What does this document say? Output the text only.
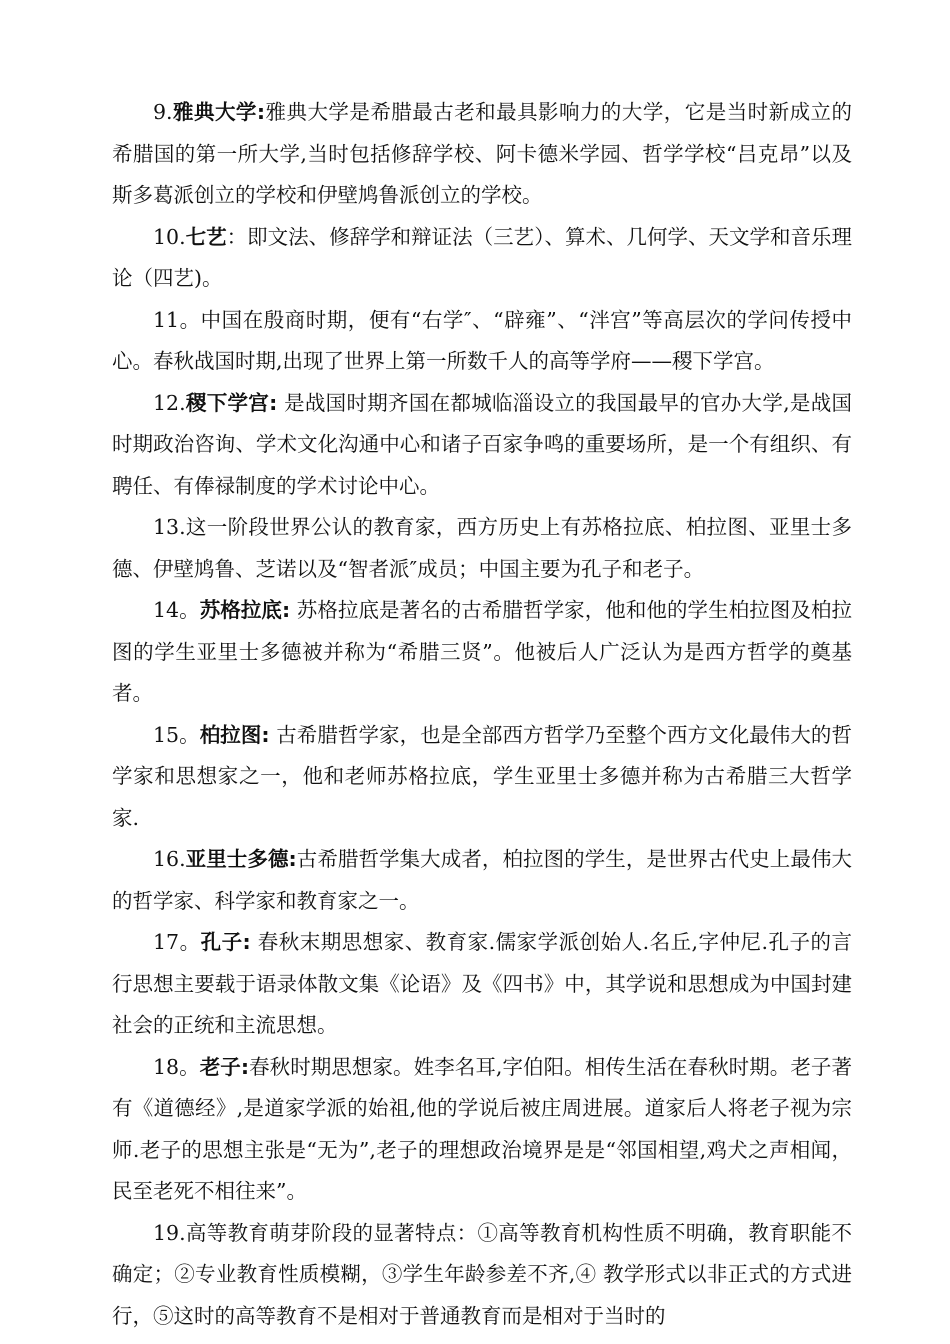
9.雅典大学:雅典大学是希腊最古老和最具影响力的大学，它是当时新成立的希腊国的第一所大学,当时包括修辞学校、阿卡德米学园、哲学学校“吕克昂”以及斯多葛派创立的学校和伊壁鸠鲁派创立的学校。

10.七艺：即文法、修辞学和辩证法（三艺）、算术、几何学、天文学和音乐理论（四艺)。

11。中国在殷商时期，便有“右学″、“辟雍”、“泮宫”等高层次的学问传授中心。春秋战国时期,出现了世界上第一所数千人的高等学府——稷下学宫。

12.稷下学宫: 是战国时期齐国在都城临淄设立的我国最早的官办大学,是战国时期政治咨询、学术文化沟通中心和诸子百家争鸣的重要场所，是一个有组织、有聘任、有俸禄制度的学术讨论中心。

13.这一阶段世界公认的教育家，西方历史上有苏格拉底、柏拉图、亚里士多德、伊壁鸠鲁、芝诺以及“智者派″成员；中国主要为孔子和老子。

14。苏格拉底: 苏格拉底是著名的古希腊哲学家，他和他的学生柏拉图及柏拉图的学生亚里士多德被并称为“希腊三贤”。他被后人广泛认为是西方哲学的奠基者。

15。柏拉图: 古希腊哲学家，也是全部西方哲学乃至整个西方文化最伟大的哲学家和思想家之一，他和老师苏格拉底，学生亚里士多德并称为古希腊三大哲学家.

16.亚里士多德:古希腊哲学集大成者，柏拉图的学生，是世界古代史上最伟大的哲学家、科学家和教育家之一。

17。孔子: 春秋末期思想家、教育家.儒家学派创始人.名丘,字仲尼.孔子的言行思想主要载于语录体散文集《论语》及《四书》中，其学说和思想成为中国封建社会的正统和主流思想。

18。老子:春秋时期思想家。姓李名耳,字伯阳。相传生活在春秋时期。老子著有《道德经》,是道家学派的始祖,他的学说后被庄周进展。道家后人将老子视为宗师.老子的思想主张是“无为”,老子的理想政治境界是是“邻国相望,鸡犬之声相闻，民至老死不相往来”。

19.高等教育萌芽阶段的显著特点：①高等教育机构性质不明确，教育职能不确定；②专业教育性质模糊，③学生年龄参差不齐,④ 教学形式以非正式的方式进行，⑤这时的高等教育不是相对于普通教育而是相对于当时的
